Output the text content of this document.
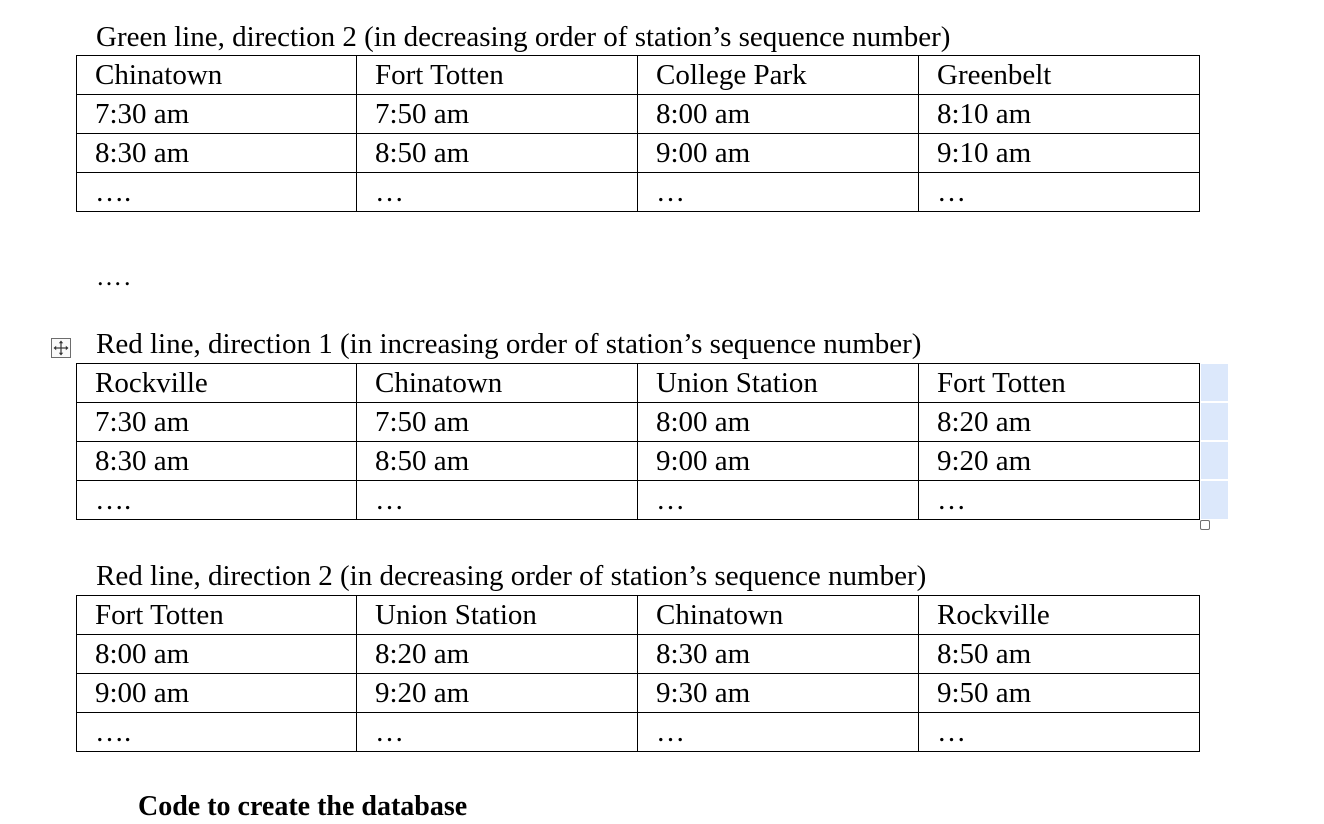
Green line, direction 2 (in decreasing order of station’s sequence number)
Chinatown	Fort Totten	College Park	Greenbelt
7:30 am	7:50 am	8:00 am	8:10 am
8:30 am	8:50 am	9:00 am	9:10 am
….	…	…	…
….
Red line, direction 1 (in increasing order of station’s sequence number)
Rockville	Chinatown	Union Station	Fort Totten
7:30 am	7:50 am	8:00 am	8:20 am
8:30 am	8:50 am	9:00 am	9:20 am
….	…	…	…
Red line, direction 2 (in decreasing order of station’s sequence number)
Fort Totten	Union Station	Chinatown	Rockville
8:00 am	8:20 am	8:30 am	8:50 am
9:00 am	9:20 am	9:30 am	9:50 am
….	…	…	…
Code to create the database
